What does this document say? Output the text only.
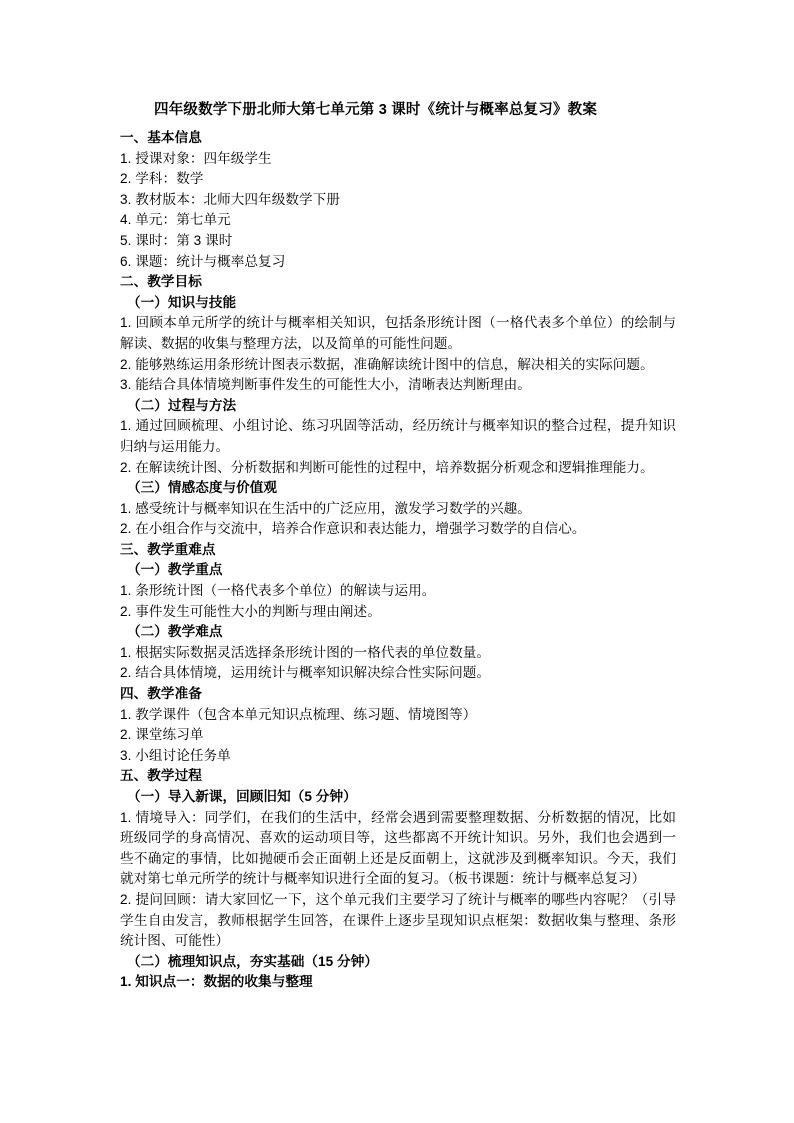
四年级数学下册北师大第七单元第 3 课时《统计与概率总复习》教案

一、基本信息

1. 授课对象：四年级学生

2. 学科：数学

3. 教材版本：北师大四年级数学下册

4. 单元：第七单元

5. 课时：第 3 课时

6. 课题：统计与概率总复习

二、教学目标

（一）知识与技能

1. 回顾本单元所学的统计与概率相关知识，包括条形统计图（一格代表多个单位）的绘制与解读、数据的收集与整理方法，以及简单的可能性问题。

2. 能够熟练运用条形统计图表示数据，准确解读统计图中的信息，解决相关的实际问题。

3. 能结合具体情境判断事件发生的可能性大小，清晰表达判断理由。

（二）过程与方法

1. 通过回顾梳理、小组讨论、练习巩固等活动，经历统计与概率知识的整合过程，提升知识归纳与运用能力。

2. 在解读统计图、分析数据和判断可能性的过程中，培养数据分析观念和逻辑推理能力。

（三）情感态度与价值观

1. 感受统计与概率知识在生活中的广泛应用，激发学习数学的兴趣。

2. 在小组合作与交流中，培养合作意识和表达能力，增强学习数学的自信心。

三、教学重难点

（一）教学重点

1. 条形统计图（一格代表多个单位）的解读与运用。

2. 事件发生可能性大小的判断与理由阐述。

（二）教学难点

1. 根据实际数据灵活选择条形统计图的一格代表的单位数量。

2. 结合具体情境，运用统计与概率知识解决综合性实际问题。

四、教学准备

1. 教学课件（包含本单元知识点梳理、练习题、情境图等）

2. 课堂练习单

3. 小组讨论任务单

五、教学过程

（一）导入新课，回顾旧知（5 分钟）

1. 情境导入：同学们，在我们的生活中，经常会遇到需要整理数据、分析数据的情况，比如班级同学的身高情况、喜欢的运动项目等，这些都离不开统计知识。另外，我们也会遇到一些不确定的事情，比如抛硬币会正面朝上还是反面朝上，这就涉及到概率知识。今天，我们就对第七单元所学的统计与概率知识进行全面的复习。（板书课题：统计与概率总复习）

2. 提问回顾：请大家回忆一下，这个单元我们主要学习了统计与概率的哪些内容呢？（引导学生自由发言，教师根据学生回答，在课件上逐步呈现知识点框架：数据收集与整理、条形统计图、可能性）

（二）梳理知识点，夯实基础（15 分钟）

1. 知识点一：数据的收集与整理
